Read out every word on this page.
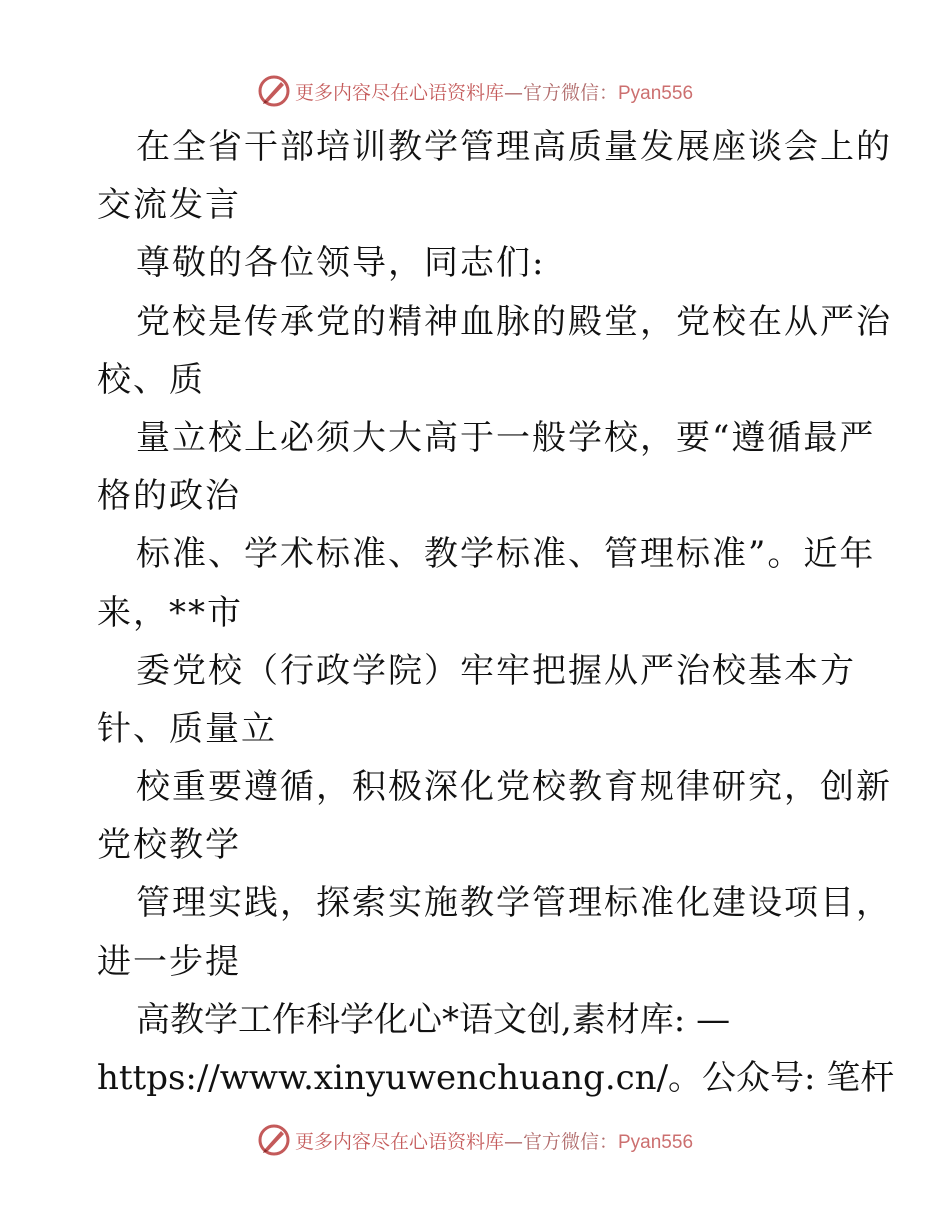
更多内容尽在心语资料库—官方微信：Pyan556
在全省干部培训教学管理高质量发展座谈会上的
交流发言
尊敬的各位领导，同志们:
党校是传承党的精神血脉的殿堂，党校在从严治
校、质
量立校上必须大大高于一般学校，要“遵循最严
格的政治
标准、学术标准、教学标准、管理标准”。近年
来，**市
委党校（行政学院）牢牢把握从严治校基本方
针、质量立
校重要遵循，积极深化党校教育规律研究，创新
党校教学
管理实践，探索实施教学管理标准化建设项目，
进一步提
高教学工作科学化心*语文创,素材库: —
https://www.xinyuwenchuang.cn/。公众号: 笔杆
更多内容尽在心语资料库—官方微信：Pyan556
